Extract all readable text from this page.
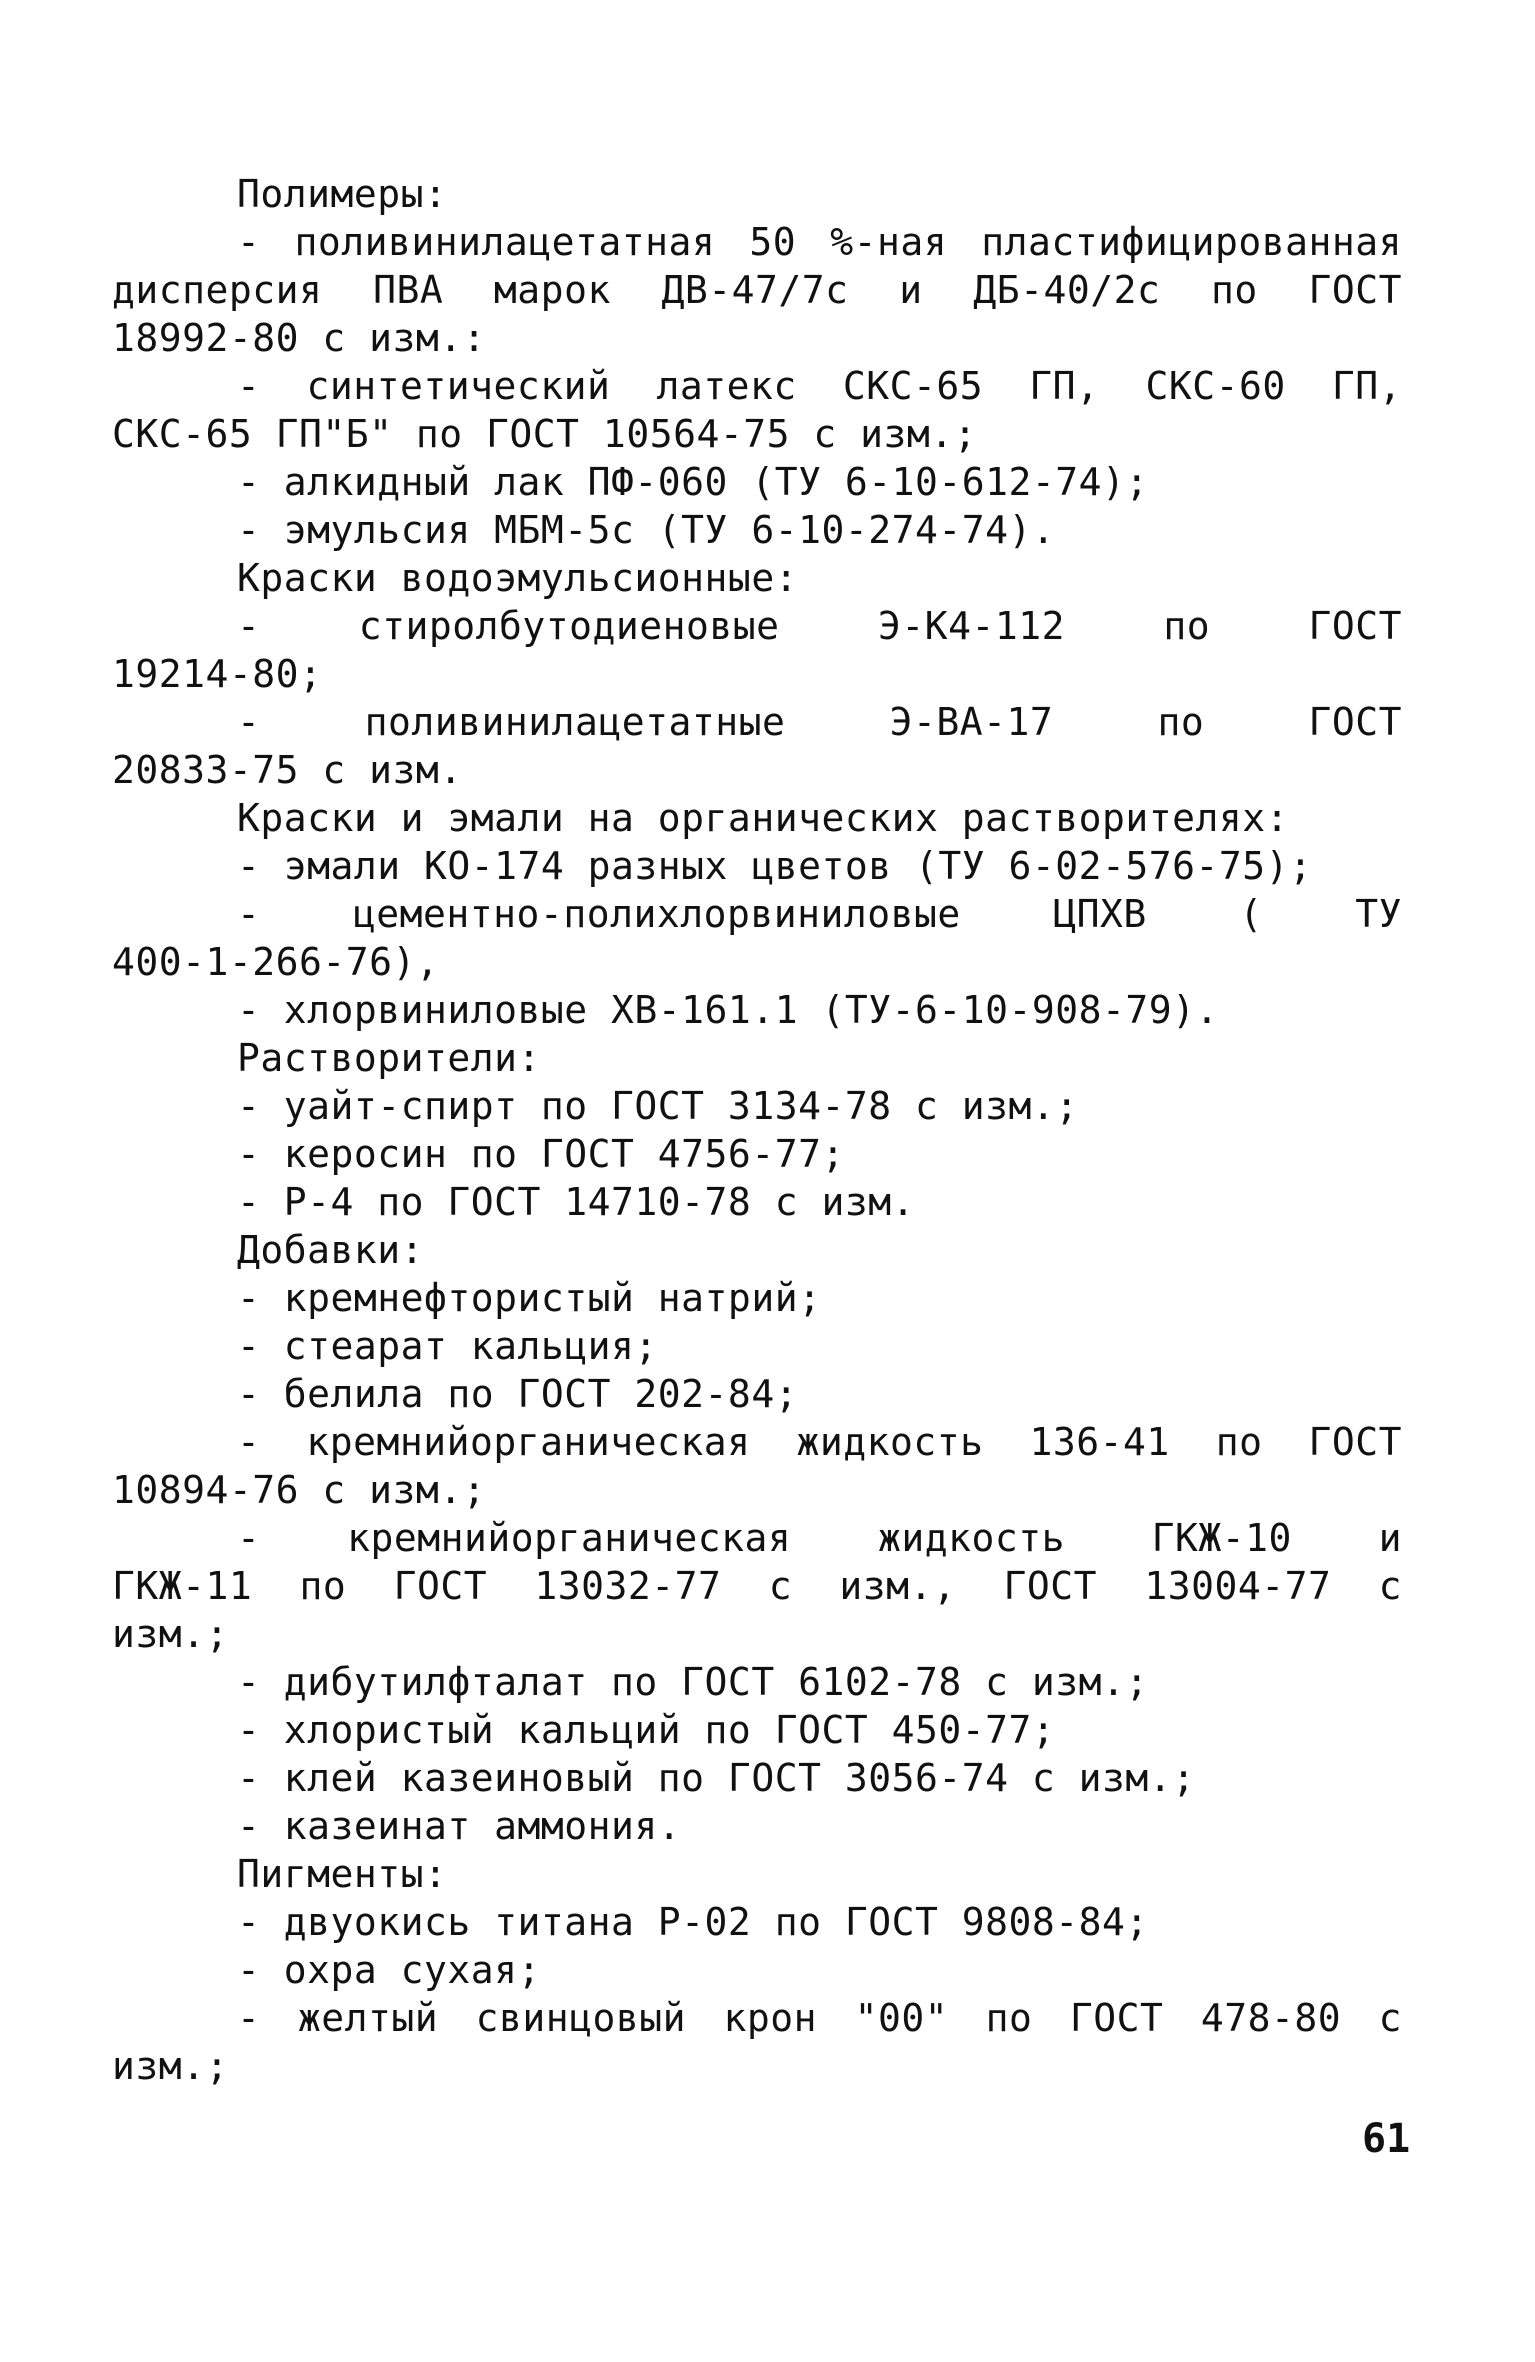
Полимеры:
- поливинилацетатная 50 %-ная пластифицированная
дисперсия ПВА марок ДВ-47/7с и ДБ-40/2с по ГОСТ
18992-80 с изм.:
- синтетический латекс СКС-65 ГП, СКС-60 ГП,
СКС-65 ГП"Б" по ГОСТ 10564-75 с изм.;
- алкидный лак ПФ-060 (ТУ 6-10-612-74);
- эмульсия МБМ-5с (ТУ 6-10-274-74).
Краски водоэмульсионные:
- стиролбутодиеновые Э-К4-112 по ГОСТ
19214-80;
- поливинилацетатные Э-ВА-17 по ГОСТ
20833-75 с изм.
Краски и эмали на органических растворителях:
- эмали КО-174 разных цветов (ТУ 6-02-576-75);
- цементно-полихлорвиниловые ЦПХВ ( ТУ
400-1-266-76),
- хлорвиниловые ХВ-161.1 (ТУ-6-10-908-79).
Растворители:
- уайт-спирт по ГОСТ 3134-78 с изм.;
- керосин по ГОСТ 4756-77;
- Р-4 по ГОСТ 14710-78 с изм.
Добавки:
- кремнефтористый натрий;
- стеарат кальция;
- белила по ГОСТ 202-84;
- кремнийорганическая жидкость 136-41 по ГОСТ
10894-76 с изм.;
- кремнийорганическая жидкость ГКЖ-10 и
ГКЖ-11 по ГОСТ 13032-77 с изм., ГОСТ 13004-77 с
изм.;
- дибутилфталат по ГОСТ 6102-78 с изм.;
- хлористый кальций по ГОСТ 450-77;
- клей казеиновый по ГОСТ 3056-74 с изм.;
- казеинат аммония.
Пигменты:
- двуокись титана Р-02 по ГОСТ 9808-84;
- охра сухая;
- желтый свинцовый крон "00" по ГОСТ 478-80 с
изм.;
61
